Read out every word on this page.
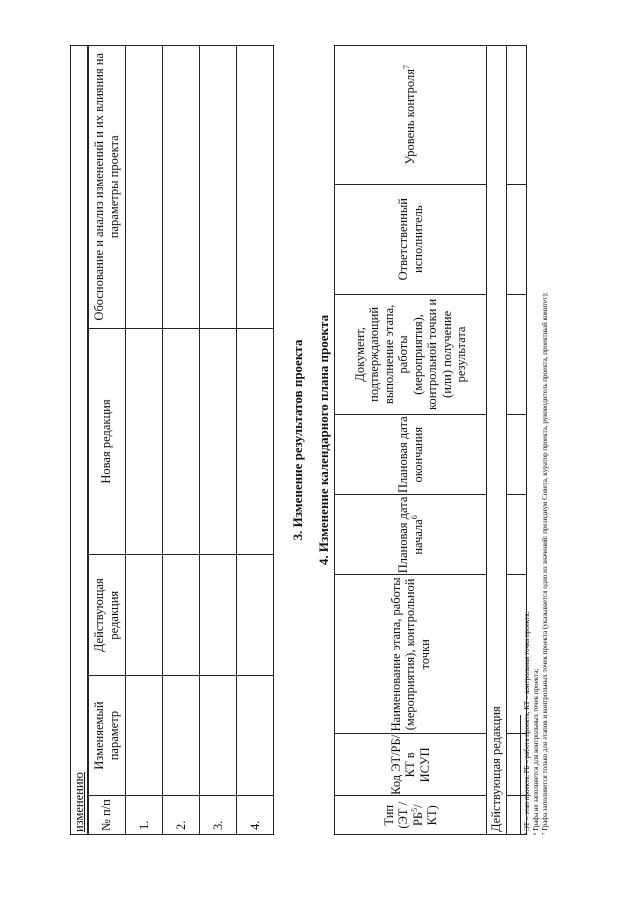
изменению № п/п	Изменяемый параметр	Действующая редакция	Новая редакция	Обоснование и анализ изменений и их влияния на параметры проекта
1.				
2.				
3.				
4.				
3. Изменение результатов проекта 4. Изменение календарного плана проекта
Тип (ЭТ $/РБ^5/КТ$)	Код ЭТ/РБ/КТ в ИСУП	Наименование этапа, работы (мероприятия), контрольной точки	Плановая дата начала$^6$	Плановая дата окончания	Документ, подтверждающий выполнение этапа, работы (мероприятия), контрольной точки и (или) получение результата	Ответственный исполнитель	Уровень контроля$^7$
Действующая редакция							
								⁵ ЭТ – этап проекта, РБ – работа проекта, КТ – контрольная точка проекта; ⁶ Графа не заполняется для контрольных точек проекта; ⁷ Графа заполняется только для этапов и контрольных точек проекта (указывается одно из значений: президиум Совета, куратор проекта, руководитель проекта, проектный комитет);
